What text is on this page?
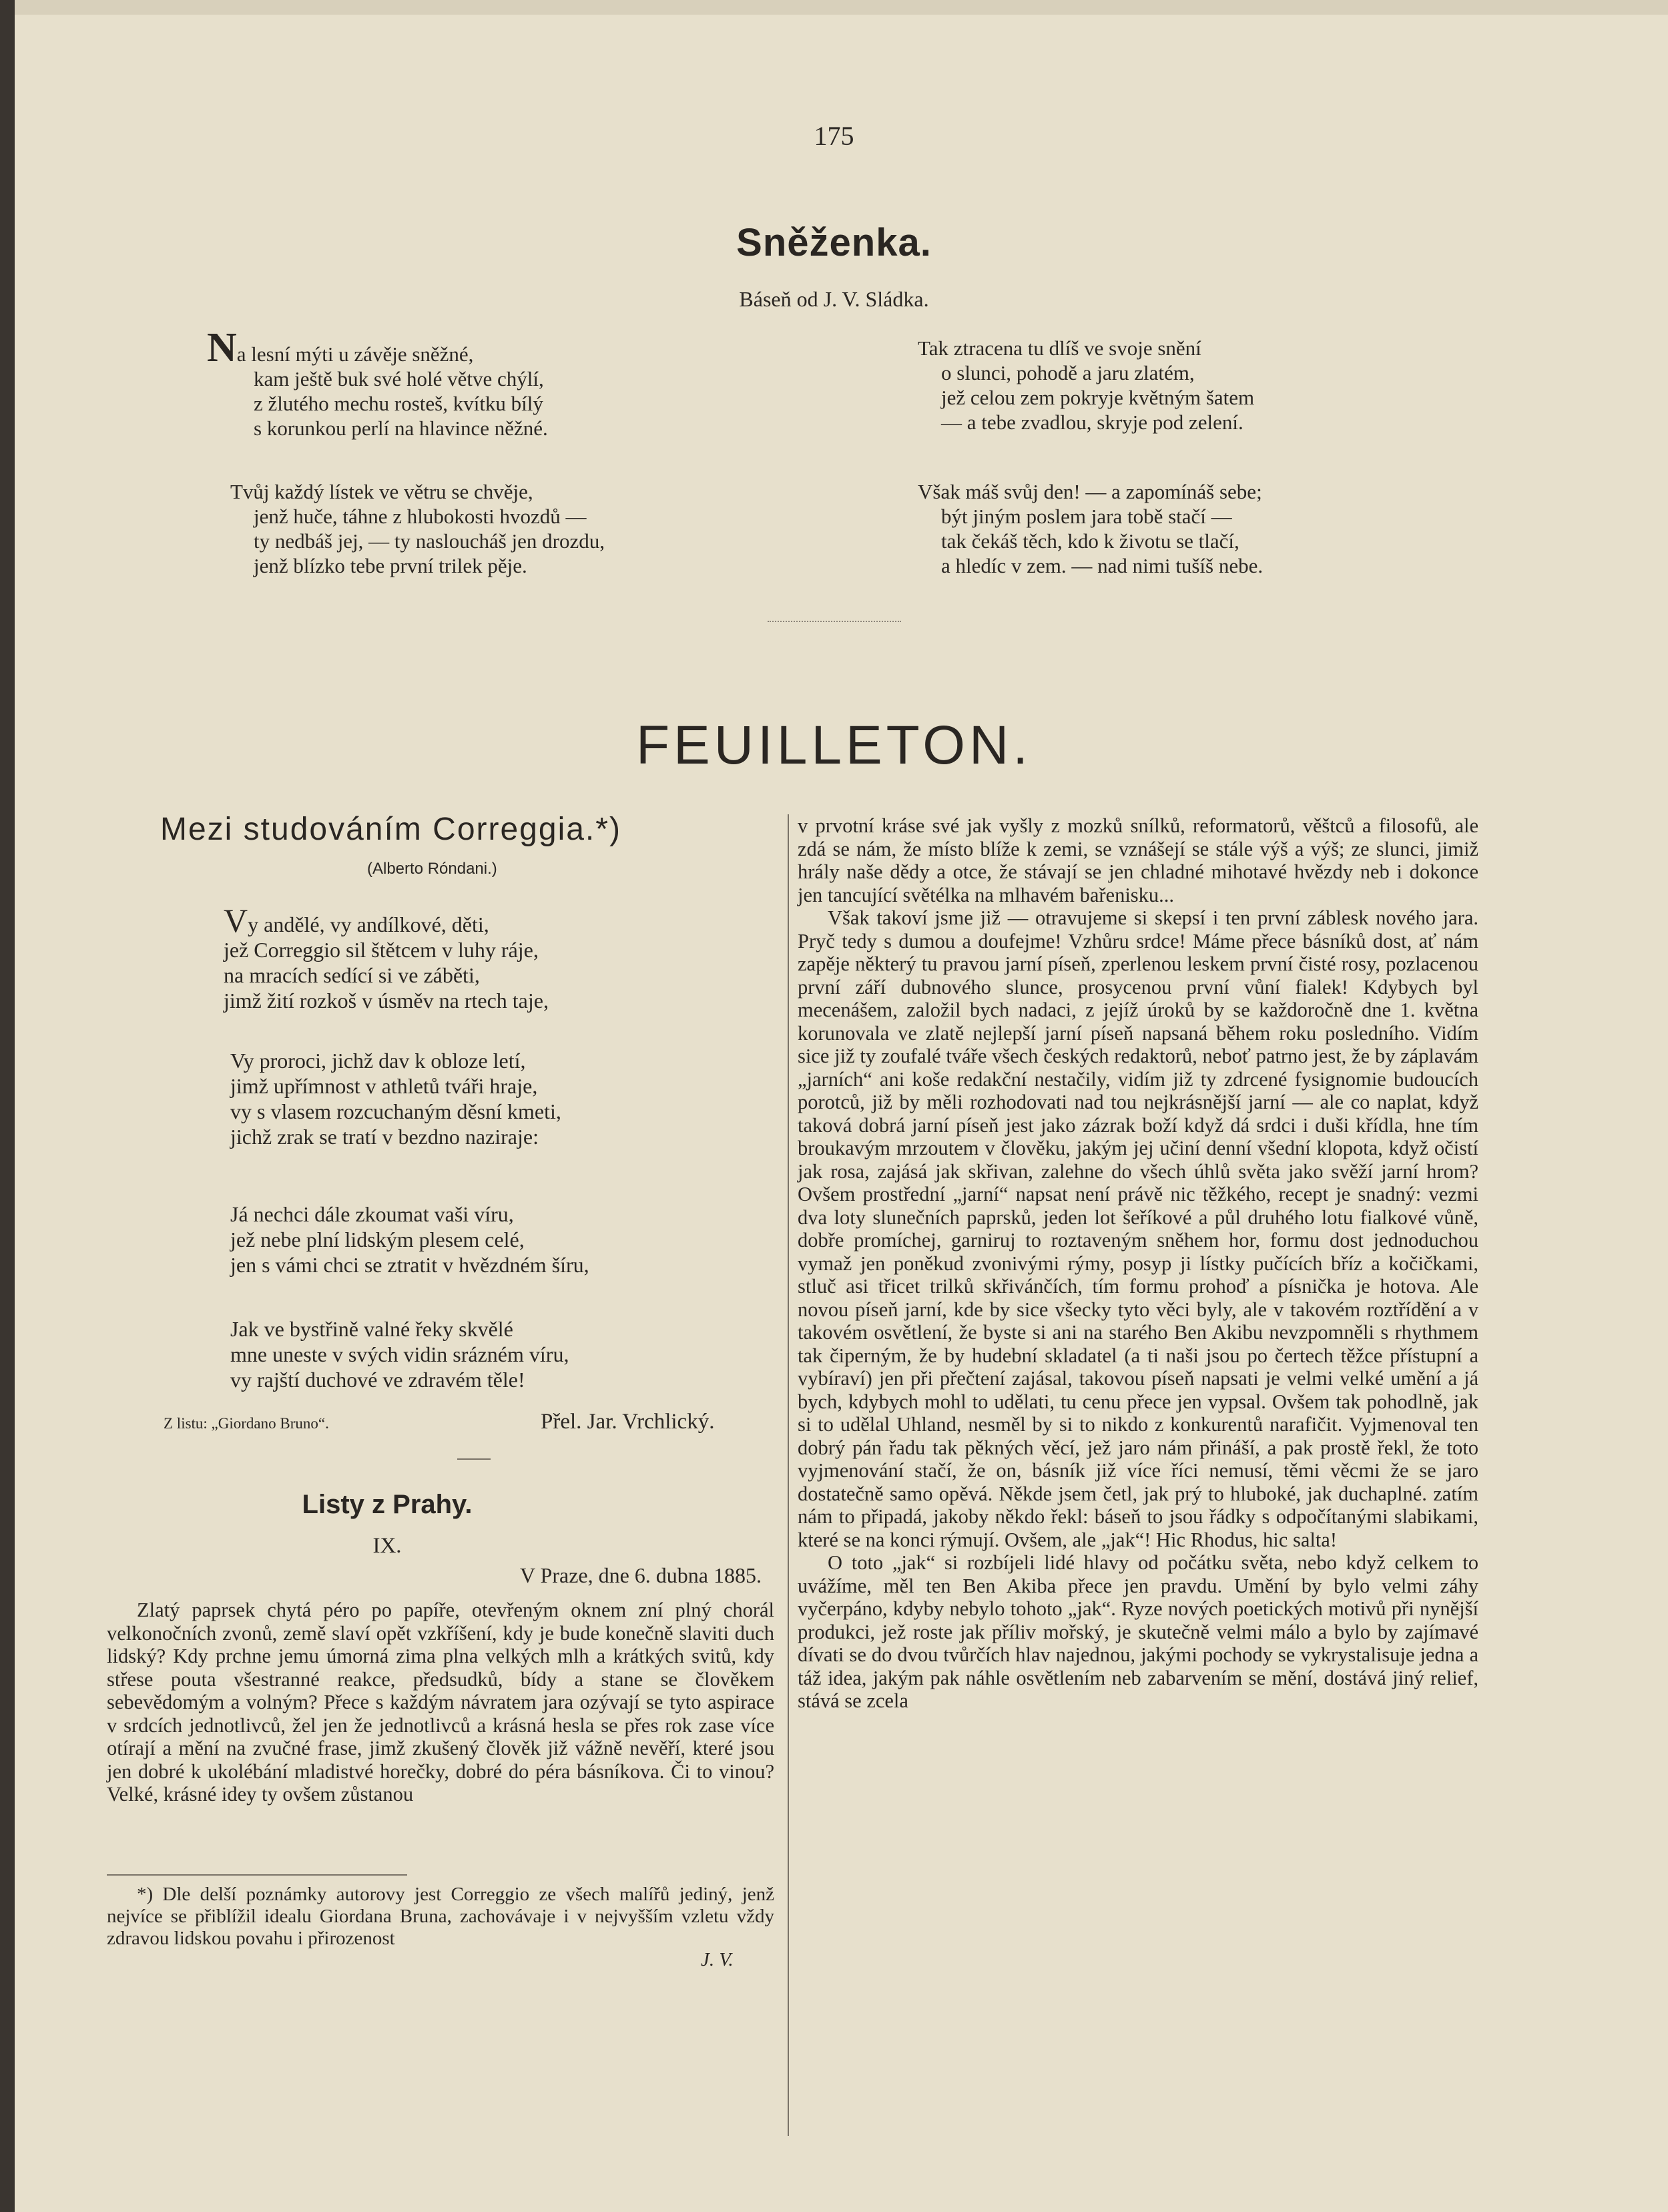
175
Sněženka.
Báseň od J. V. Sládka.
Na lesní mýti u závěje sněžné,
kam ještě buk své holé větve chýlí,
z žlutého mechu rosteš, kvítku bílý
s korunkou perlí na hlavince něžné.
Tvůj každý lístek ve větru se chvěje,
jenž huče, táhne z hlubokosti hvozdů —
ty nedbáš jej, — ty nasloucháš jen drozdu,
jenž blízko tebe první trilek pěje.
Tak ztracena tu dlíš ve svoje snění
o slunci, pohodě a jaru zlatém,
jež celou zem pokryje květným šatem
— a tebe zvadlou, skryje pod zelení.
Však máš svůj den! — a zapomínáš sebe;
být jiným poslem jara tobě stačí —
tak čekáš těch, kdo k životu se tlačí,
a hledíc v zem. — nad nimi tušíš nebe.
FEUILLETON.
Mezi studováním Correggia.*)
(Alberto Róndani.)
Vy andělé, vy andílkové, děti,
jež Correggio sil štětcem v luhy ráje,
na mracích sedící si ve záběti,
jimž žití rozkoš v úsměv na rtech taje,
Vy proroci, jichž dav k obloze letí,
jimž upřímnost v athletů tváři hraje,
vy s vlasem rozcuchaným děsní kmeti,
jichž zrak se tratí v bezdno naziraje:
Já nechci dále zkoumat vaši víru,
jež nebe plní lidským plesem celé,
jen s vámi chci se ztratit v hvězdném šíru,
Jak ve bystřině valné řeky skvělé
mne uneste v svých vidin srázném víru,
vy rajští duchové ve zdravém těle!
Z listu: „Giordano Bruno“.	Přel. Jar. Vrchlický.
Listy z Prahy.
IX.
V Praze, dne 6. dubna 1885.

Zlatý paprsek chytá péro po papíře, otevřeným oknem zní plný chorál velkonočních zvonů, země slaví opět vzkříšení, kdy je bude konečně slaviti duch lidský? Kdy prchne jemu úmorná zima plna velkých mlh a krátkých svitů, kdy střese pouta všestranné reakce, předsudků, bídy a stane se člověkem sebevědomým a volným? Přece s každým návratem jara ozývají se tyto aspirace v srdcích jednotlivců, žel jen že jednotlivců a krásná hesla se přes rok zase více otírají a mění na zvučné frase, jimž zkušený člověk již vážně nevěří, které jsou jen dobré k ukolébání mladistvé horečky, dobré do péra básníkova. Či to vinou? Velké, krásné idey ty ovšem zůstanou

*) Dle delší poznámky autorovy jest Correggio ze všech malířů jediný, jenž nejvíce se přiblížil idealu Giordana Bruna, zachovávaje i v nejvyšším vzletu vždy zdravou lidskou povahu i přirozenost

J. V.

v prvotní kráse své jak vyšly z mozků snílků, reformatorů, věštců a filosofů, ale zdá se nám, že místo blíže k zemi, se vznášejí se stále výš a výš; ze slunci, jimiž hrály naše dědy a otce, že stávají se jen chladné mihotavé hvězdy neb i dokonce jen tancující světélka na mlhavém bařenisku...

Však takoví jsme již — otravujeme si skepsí i ten první záblesk nového jara. Pryč tedy s dumou a doufejme! Vzhůru srdce! Máme přece básníků dost, ať nám zapěje některý tu pravou jarní píseň, zperlenou leskem první čisté rosy, pozlacenou první září dubnového slunce, prosycenou první vůní fialek! Kdybych byl mecenášem, založil bych nadaci, z jejíž úroků by se každoročně dne 1. května korunovala ve zlatě nejlepší jarní píseň napsaná během roku posledního. Vidím sice již ty zoufalé tváře všech českých redaktorů, neboť patrno jest, že by záplavám „jarních“ ani koše redakční nestačily, vidím již ty zdrcené fysignomie budoucích porotců, již by měli rozhodovati nad tou nejkrásnější jarní — ale co naplat, když taková dobrá jarní píseň jest jako zázrak boží když dá srdci i duši křídla, hne tím broukavým mrzoutem v člověku, jakým jej učiní denní všední klopota, když očistí jak rosa, zajásá jak skřivan, zalehne do všech úhlů světa jako svěží jarní hrom? Ovšem prostřední „jarní“ napsat není právě nic těžkého, recept je snadný: vezmi dva loty slunečních paprsků, jeden lot šeříkové a půl druhého lotu fialkové vůně, dobře promíchej, garniruj to roztaveným sněhem hor, formu dost jednoduchou vymaž jen poněkud zvonivými rýmy, posyp ji lístky pučících bříz a kočičkami, stluč asi třicet trilků skřivánčích, tím formu prohoď a písnička je hotova. Ale novou píseň jarní, kde by sice všecky tyto věci byly, ale v takovém roztřídění a v takovém osvětlení, že byste si ani na starého Ben Akibu nevzpomněli s rhythmem tak čiperným, že by hudební skladatel (a ti naši jsou po čertech těžce přístupní a vybíraví) jen při přečtení zajásal, takovou píseň napsati je velmi velké umění a já bych, kdybych mohl to udělati, tu cenu přece jen vypsal. Ovšem tak pohodlně, jak si to udělal Uhland, nesměl by si to nikdo z konkurentů narafičit. Vyjmenoval ten dobrý pán řadu tak pěkných věcí, jež jaro nám přináší, a pak prostě řekl, že toto vyjmenování stačí, že on, básník již více říci nemusí, těmi věcmi že se jaro dostatečně samo opěvá. Někde jsem četl, jak prý to hluboké, jak duchaplné. zatím nám to připadá, jakoby někdo řekl: báseň to jsou řádky s odpočítanými slabikami, které se na konci rýmují. Ovšem, ale „jak“! Hic Rhodus, hic salta!

O toto „jak“ si rozbíjeli lidé hlavy od počátku světa, nebo když celkem to uvážíme, měl ten Ben Akiba přece jen pravdu. Umění by bylo velmi záhy vyčerpáno, kdyby nebylo tohoto „jak“. Ryze nových poetických motivů při nynější produkci, jež roste jak příliv mořský, je skutečně velmi málo a bylo by zajímavé dívati se do dvou tvůrčích hlav najednou, jakými pochody se vykrystalisuje jedna a táž idea, jakým pak náhle osvětlením neb zabarvením se mění, dostává jiný relief, stává se zcela
